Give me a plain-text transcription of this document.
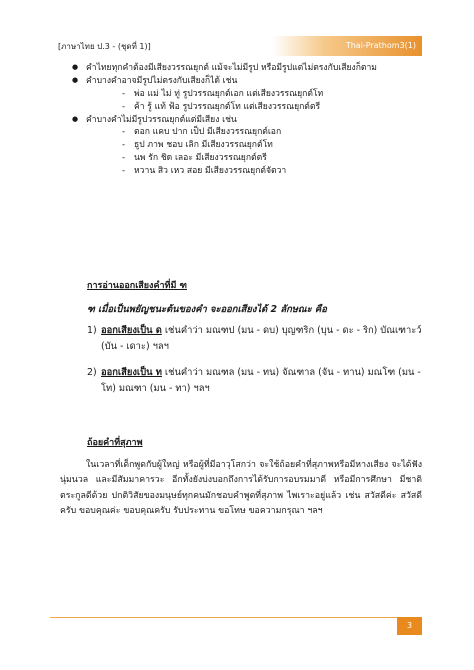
[ภาษาไทย ป.3 - (ชุดที่ 1)]	Thai-Prathom3(1)
● คำไทยทุกคำต้องมีเสียงวรรณยุกต์ แม้จะไม่มีรูป หรือมีรูปแต่ไม่ตรงกับเสียงก็ตาม
● คำบางคำอาจมีรูปไม่ตรงกับเสียงก็ได้ เช่น
- พ่อ แม่ ไม่ ทู่ รูปวรรณยุกต์เอก แต่เสียงวรรณยุกต์โท
- ค้า รู้ แท้ ฟ้อ รูปวรรณยุกต์โท แต่เสียงวรรณยุกต์ตรี
● คำบางคำไม่มีรูปวรรณยุกต์แต่มีเสียง เช่น
- ตอก แคบ ปาก เป็ป มีเสียงวรรณยุกต์เอก
- ธูป ภาพ ชอบ เลิก มีเสียงวรรณยุกต์โท
- นพ รัก ชิด เลอะ มีเสียงวรรณยุกต์ตรี
- หวาน สิว เหว สอย มีเสียงวรรณยุกต์จัตวา
การอ่านออกเสียงคำที่มี ฑ
ฑ เมื่อเป็นพยัญชนะต้นของคำ จะออกเสียงได้ 2 ลักษณะ คือ
1) ออกเสียงเป็น ด เช่นคำว่า มณฑป (มน - ดบ) บุญฑริก (บุน - ดะ - ริก) บัณเฑาะว์
(บัน - เดาะ) ฯลฯ
2) ออกเสียงเป็น ท เช่นคำว่า มณฑล (มน - ทน) จัณฑาล (จัน - ทาน) มณโฑ (มน -
โท) มณฑา (มน - ทา) ฯลฯ
ถ้อยคำที่สุภาพ
ในเวลาที่เด็กพูดกับผู้ใหญ่ หรือผู้ที่มีอาวุโสกว่า จะใช้ถ้อยคำที่สุภาพหรือมีหางเสียง จะได้ฟังนุ่มนวล และมีสัมมาคารวะ อีกทั้งยังบ่งบอกถึงการได้รับการอบรมมาดี หรือมีการศึกษา มีชาติตระกูลดีด้วย ปกติวิสัยของมนุษย์ทุกคนมักชอบคำพูดที่สุภาพ ไพเราะอยู่แล้ว เช่น สวัสดีค่ะ สวัสดีครับ ขอบคุณค่ะ ขอบคุณครับ รับประทาน ขอโทษ ขอความกรุณา ฯลฯ
3
